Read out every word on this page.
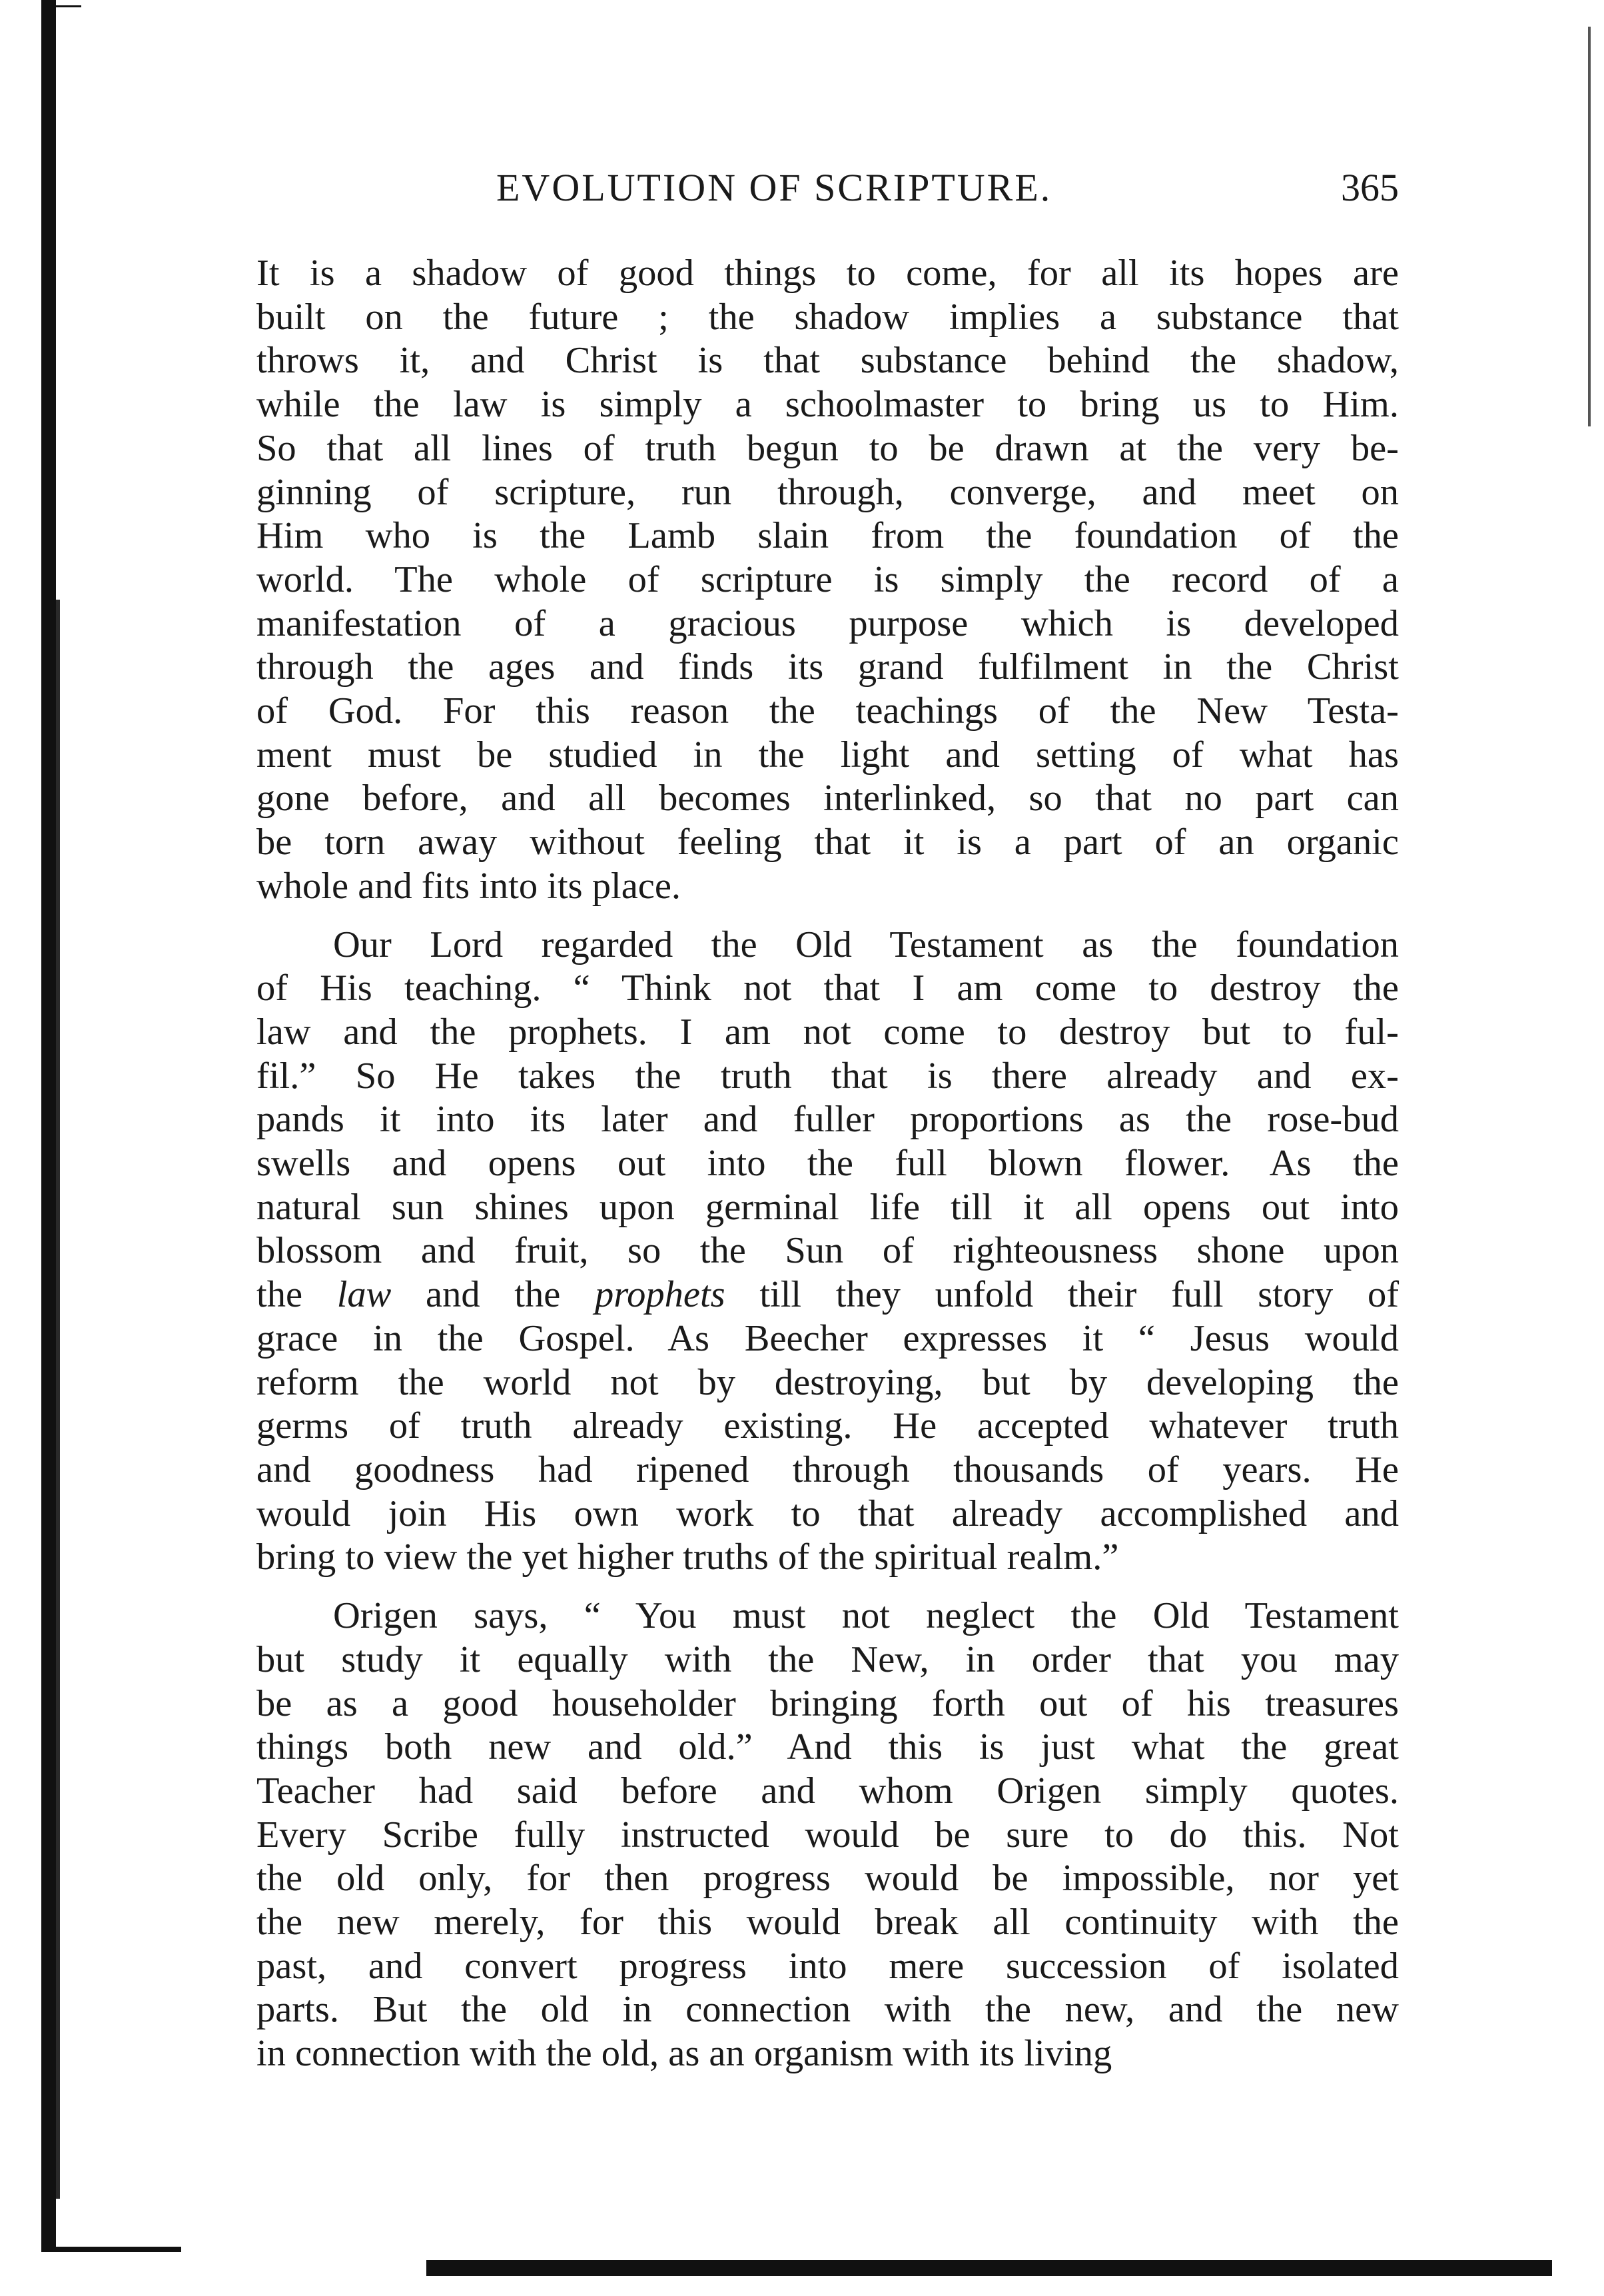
EVOLUTION OF SCRIPTURE.	365
It is a shadow of good things to come, for all its hopes are
built on the future ; the shadow implies a substance that
throws it, and Christ is that substance behind the shadow,
while the law is simply a schoolmaster to bring us to Him.
So that all lines of truth begun to be drawn at the very be-
ginning of scripture, run through, converge, and meet on
Him who is the Lamb slain from the foundation of the
world. The whole of scripture is simply the record of a
manifestation of a gracious purpose which is developed
through the ages and finds its grand fulfilment in the Christ
of God. For this reason the teachings of the New Testa-
ment must be studied in the light and setting of what has
gone before, and all becomes interlinked, so that no part can
be torn away without feeling that it is a part of an organic
whole and fits into its place.
Our Lord regarded the Old Testament as the foundation
of His teaching. “ Think not that I am come to destroy the
law and the prophets. I am not come to destroy but to ful-
fil.” So He takes the truth that is there already and ex-
pands it into its later and fuller proportions as the rose-bud
swells and opens out into the full blown flower. As the
natural sun shines upon germinal life till it all opens out into
blossom and fruit, so the Sun of righteousness shone upon
the law and the prophets till they unfold their full story of
grace in the Gospel. As Beecher expresses it “ Jesus would
reform the world not by destroying, but by developing the
germs of truth already existing. He accepted whatever truth
and goodness had ripened through thousands of years. He
would join His own work to that already accomplished and
bring to view the yet higher truths of the spiritual realm.”
Origen says, “ You must not neglect the Old Testament
but study it equally with the New, in order that you may
be as a good householder bringing forth out of his treasures
things both new and old.” And this is just what the great
Teacher had said before and whom Origen simply quotes.
Every Scribe fully instructed would be sure to do this. Not
the old only, for then progress would be impossible, nor yet
the new merely, for this would break all continuity with the
past, and convert progress into mere succession of isolated
parts. But the old in connection with the new, and the new
in connection with the old, as an organism with its living
